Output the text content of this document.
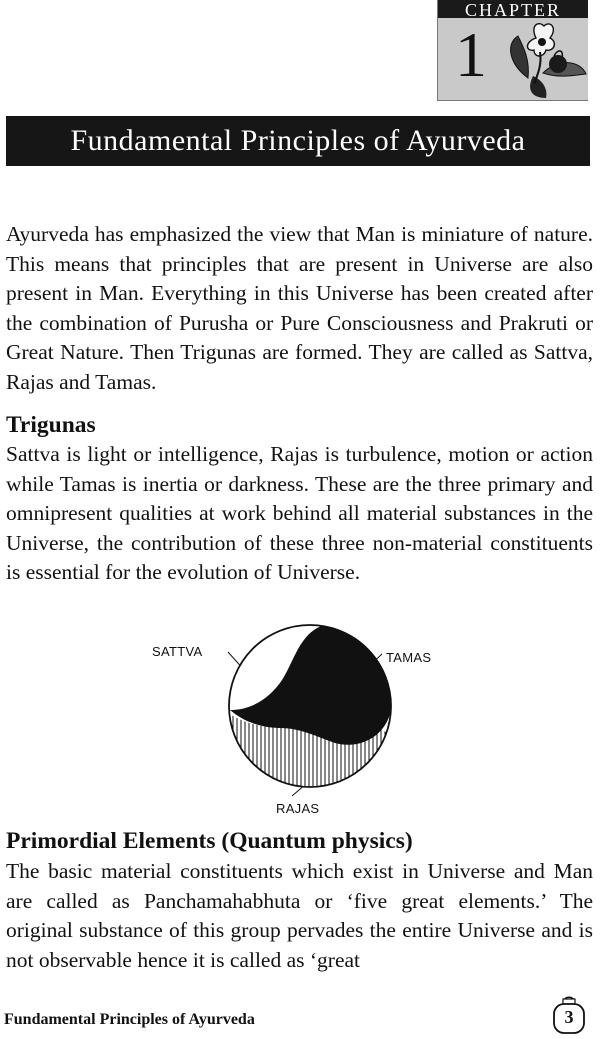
CHAPTER
1
Fundamental Principles of Ayurveda

Ayurveda has emphasized the view that Man is miniature of nature. This means that principles that are present in Universe are also present in Man. Everything in this Universe has been created after the combination of Purusha or Pure Consciousness and Prakruti or Great Nature. Then Trigunas are formed. They are called as Sattva, Rajas and Tamas.

Trigunas

Sattva is light or intelligence, Rajas is turbulence, motion or action while Tamas is inertia or darkness. These are the three primary and omnipresent qualities at work behind all material substances in the Universe, the contribution of these three non-material constituents is essential for the evolution of Universe.

SATTVA	TAMAS
RAJAS
Primordial Elements (Quantum physics)

The basic material constituents which exist in Universe and Man are called as Panchamahabhuta or ‘five great elements.’ The original substance of this group pervades the entire Universe and is not observable hence it is called as ‘great

Fundamental Principles of Ayurveda	3
